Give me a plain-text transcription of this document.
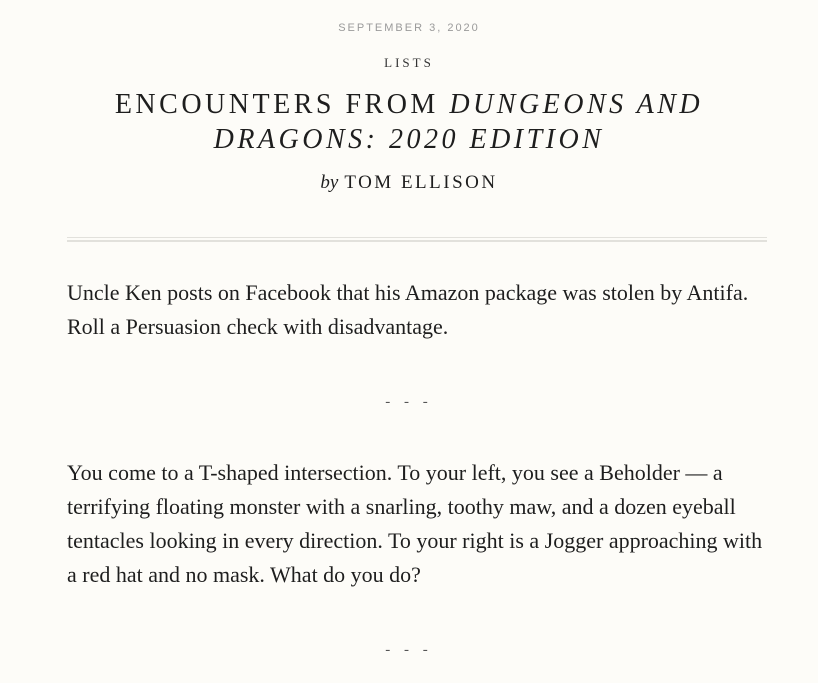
SEPTEMBER 3, 2020
LISTS
ENCOUNTERS FROM DUNGEONS AND DRAGONS: 2020 EDITION
by TOM ELLISON

Uncle Ken posts on Facebook that his Amazon package was stolen by Antifa. Roll a Persuasion check with disadvantage.

- - -

You come to a T-shaped intersection. To your left, you see a Beholder — a terrifying floating monster with a snarling, toothy maw, and a dozen eyeball tentacles looking in every direction. To your right is a Jogger approaching with a red hat and no mask. What do you do?

- - -
